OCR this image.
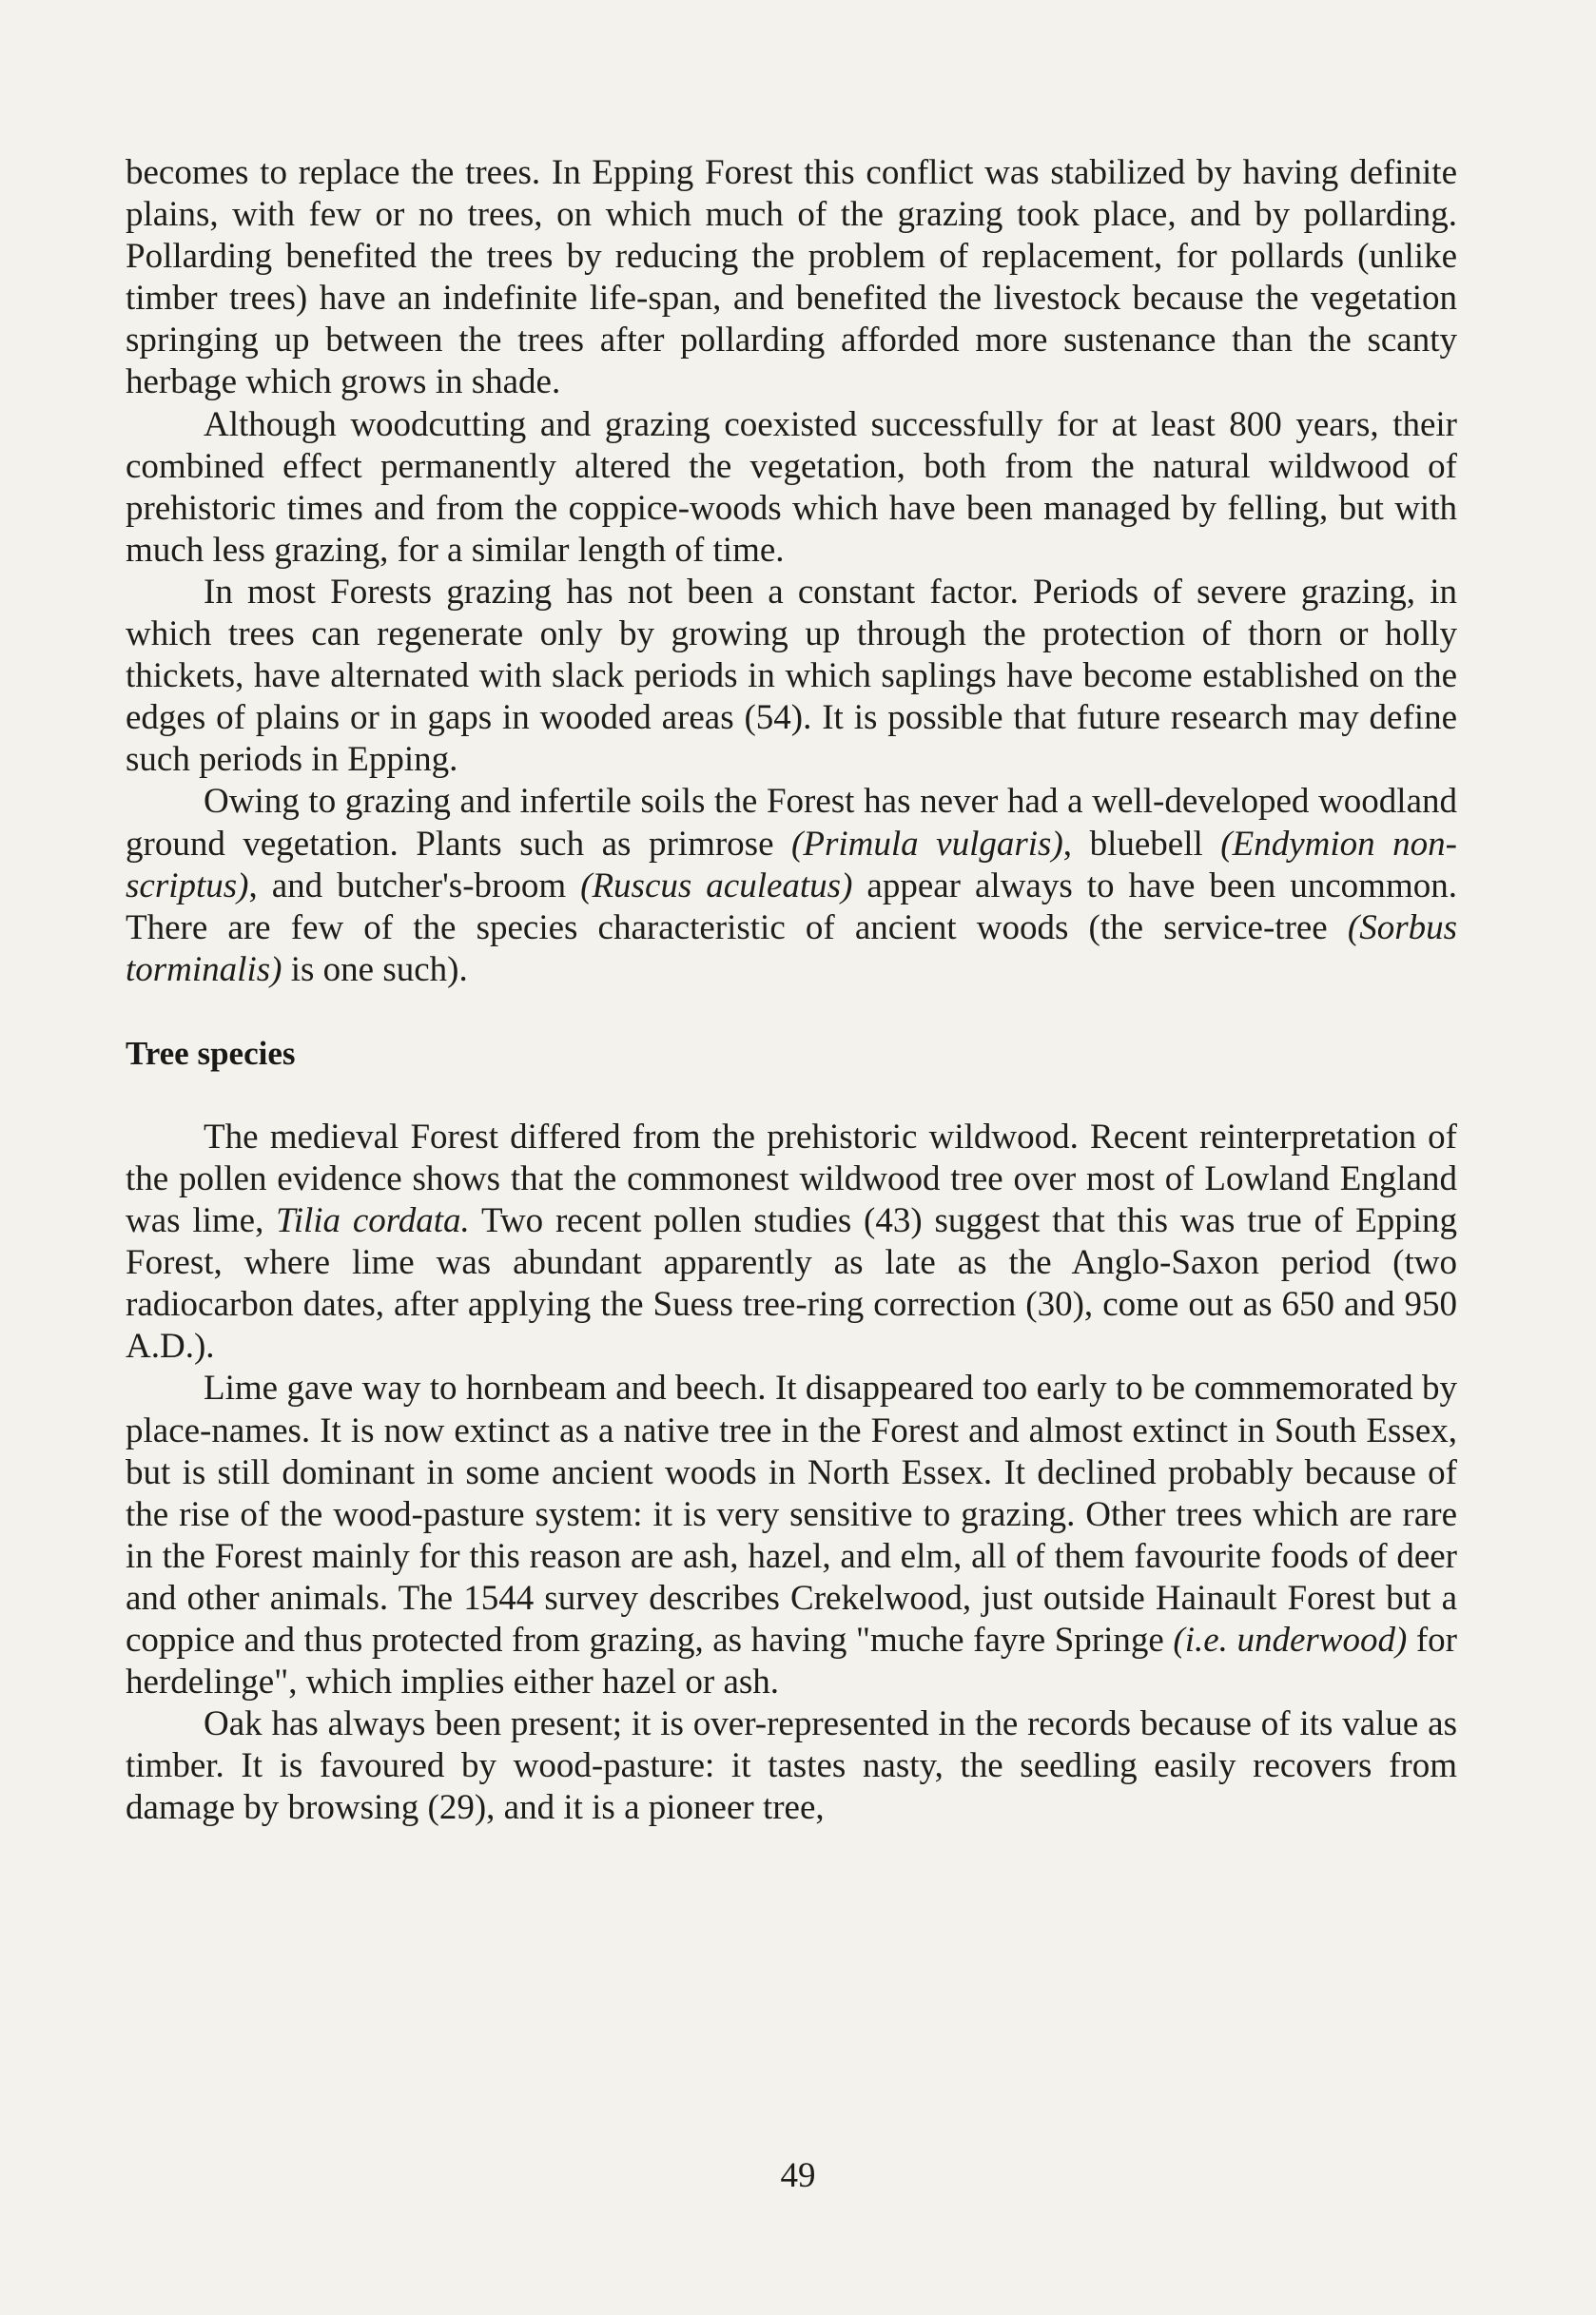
becomes to replace the trees. In Epping Forest this conflict was stabilized by having definite plains, with few or no trees, on which much of the grazing took place, and by pollarding. Pollarding benefited the trees by reducing the problem of replacement, for pollards (unlike timber trees) have an indefinite life-span, and benefited the livestock because the vegetation springing up between the trees after pollarding afforded more sustenance than the scanty herbage which grows in shade.

Although woodcutting and grazing coexisted successfully for at least 800 years, their combined effect permanently altered the vegetation, both from the natural wildwood of prehistoric times and from the coppice-woods which have been managed by felling, but with much less grazing, for a similar length of time.

In most Forests grazing has not been a constant factor. Periods of severe grazing, in which trees can regenerate only by growing up through the protection of thorn or holly thickets, have alternated with slack periods in which saplings have become established on the edges of plains or in gaps in wooded areas (54). It is possible that future research may define such periods in Epping.

Owing to grazing and infertile soils the Forest has never had a well-developed woodland ground vegetation. Plants such as primrose (Primula vulgaris), bluebell (Endymion non-scriptus), and butcher's-broom (Ruscus aculeatus) appear always to have been uncommon. There are few of the species characteristic of ancient woods (the service-tree (Sorbus torminalis) is one such).

Tree species

The medieval Forest differed from the prehistoric wildwood. Recent reinterpretation of the pollen evidence shows that the commonest wildwood tree over most of Lowland England was lime, Tilia cordata. Two recent pollen studies (43) suggest that this was true of Epping Forest, where lime was abundant apparently as late as the Anglo-Saxon period (two radiocarbon dates, after applying the Suess tree-ring correction (30), come out as 650 and 950 A.D.).

Lime gave way to hornbeam and beech. It disappeared too early to be commemorated by place-names. It is now extinct as a native tree in the Forest and almost extinct in South Essex, but is still dominant in some ancient woods in North Essex. It declined probably because of the rise of the wood-pasture system: it is very sensitive to grazing. Other trees which are rare in the Forest mainly for this reason are ash, hazel, and elm, all of them favourite foods of deer and other animals. The 1544 survey describes Crekelwood, just outside Hainault Forest but a coppice and thus protected from grazing, as having "muche fayre Springe (i.e. underwood) for herdelinge", which implies either hazel or ash.

Oak has always been present; it is over-represented in the records because of its value as timber. It is favoured by wood-pasture: it tastes nasty, the seedling easily recovers from damage by browsing (29), and it is a pioneer tree,

49
